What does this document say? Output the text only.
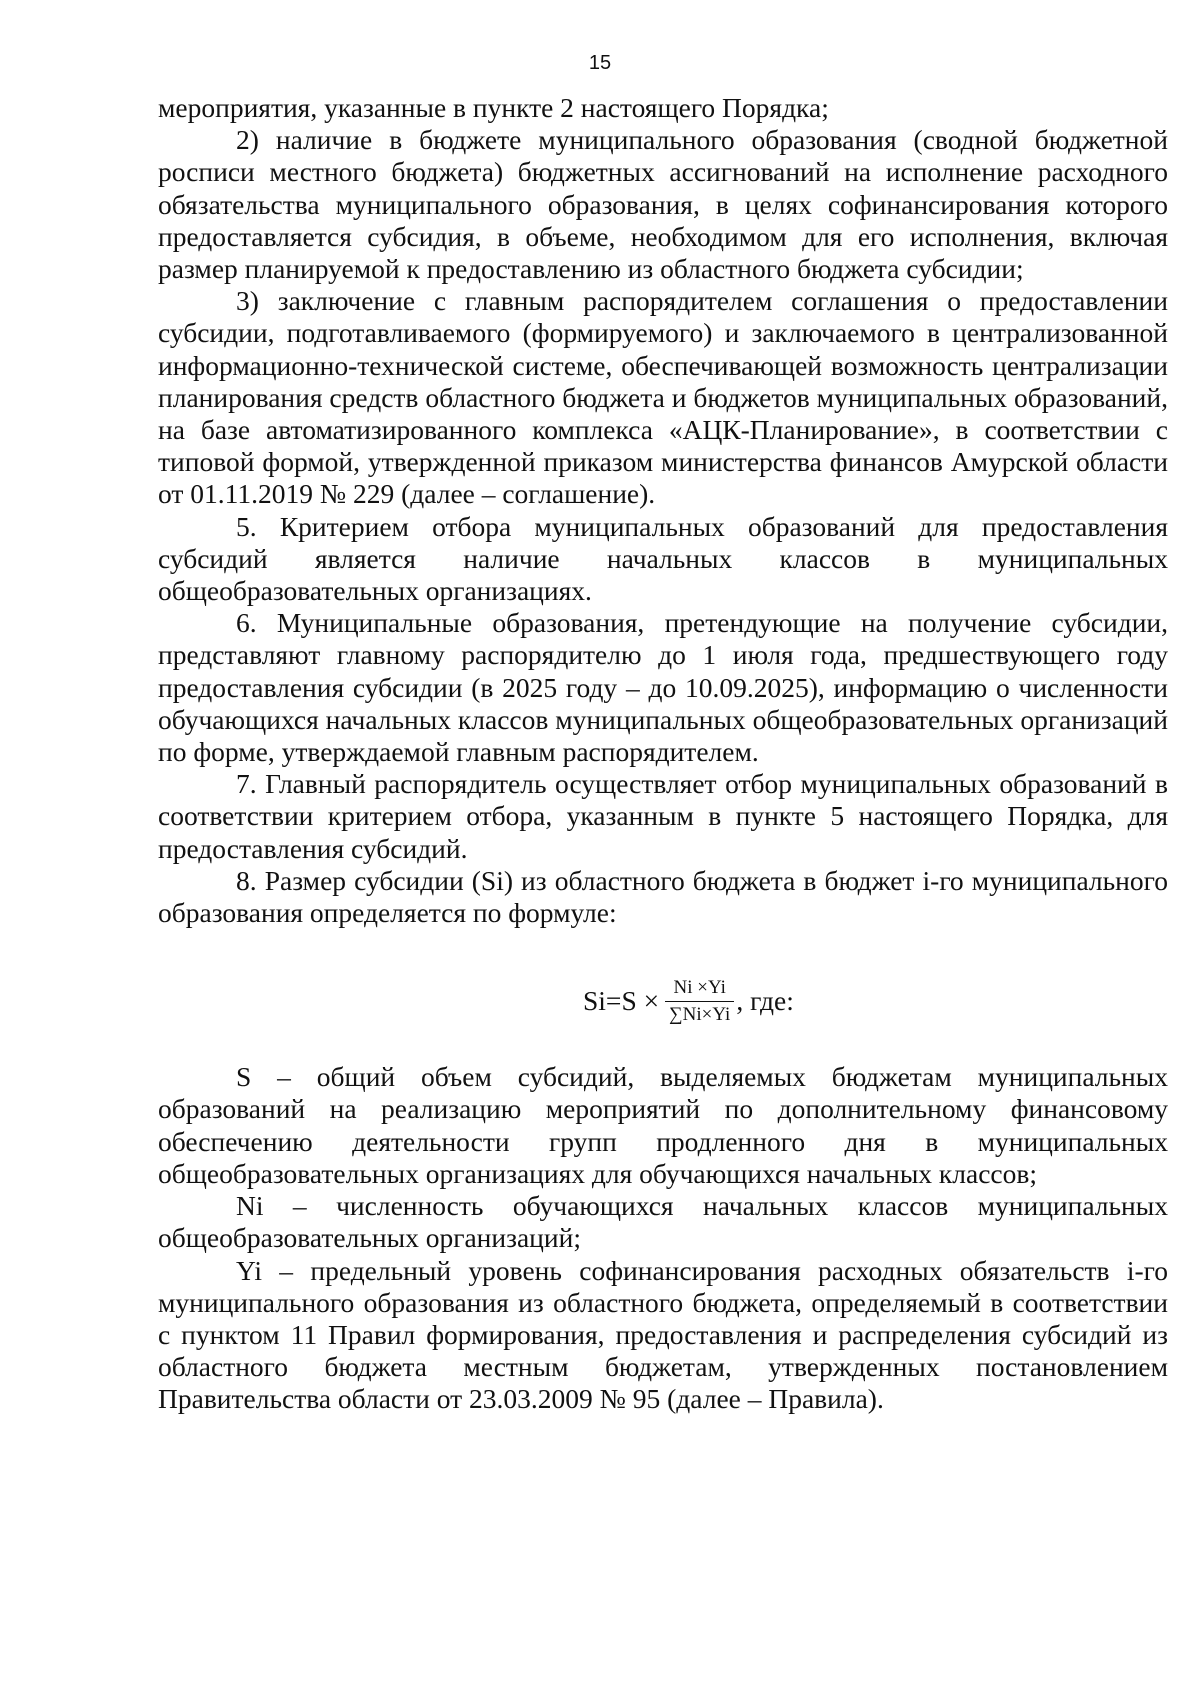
15

мероприятия, указанные в пункте 2 настоящего Порядка;

2) наличие в бюджете муниципального образования (сводной бюджетной росписи местного бюджета) бюджетных ассигнований на исполнение расходного обязательства муниципального образования, в целях софинансирования которого предоставляется субсидия, в объеме, необходимом для его исполнения, включая размер планируемой к предоставлению из областного бюджета субсидии;

3) заключение с главным распорядителем соглашения о предоставлении субсидии, подготавливаемого (формируемого) и заключаемого в централизованной информационно-технической системе, обеспечивающей возможность централизации планирования средств областного бюджета и бюджетов муниципальных образований, на базе автоматизированного комплекса «АЦК-Планирование», в соответствии с типовой формой, утвержденной приказом министерства финансов Амурской области от 01.11.2019 № 229 (далее – соглашение).

5. Критерием отбора муниципальных образований для предоставления субсидий является наличие начальных классов в муниципальных общеобразовательных организациях.

6. Муниципальные образования, претендующие на получение субсидии, представляют главному распорядителю до 1 июля года, предшествующего году предоставления субсидии (в 2025 году – до 10.09.2025), информацию о численности обучающихся начальных классов муниципальных общеобразовательных организаций по форме, утверждаемой главным распорядителем.

7. Главный распорядитель осуществляет отбор муниципальных образований в соответствии критерием отбора, указанным в пункте 5 настоящего Порядка, для предоставления субсидий.

8. Размер субсидии (Si) из областного бюджета в бюджет i-го муниципального образования определяется по формуле:

$Si=S \times \frac{Ni \times Yi}{\sum Ni\times Yi}$ , где:

S – общий объем субсидий, выделяемых бюджетам муниципальных образований на реализацию мероприятий по дополнительному финансовому обеспечению деятельности групп продленного дня в муниципальных общеобразовательных организациях для обучающихся начальных классов;

Ni – численность обучающихся начальных классов муниципальных общеобразовательных организаций;

Yi – предельный уровень софинансирования расходных обязательств i-го муниципального образования из областного бюджета, определяемый в соответствии с пунктом 11 Правил формирования, предоставления и распределения субсидий из областного бюджета местным бюджетам, утвержденных постановлением Правительства области от 23.03.2009 № 95 (далее – Правила).
